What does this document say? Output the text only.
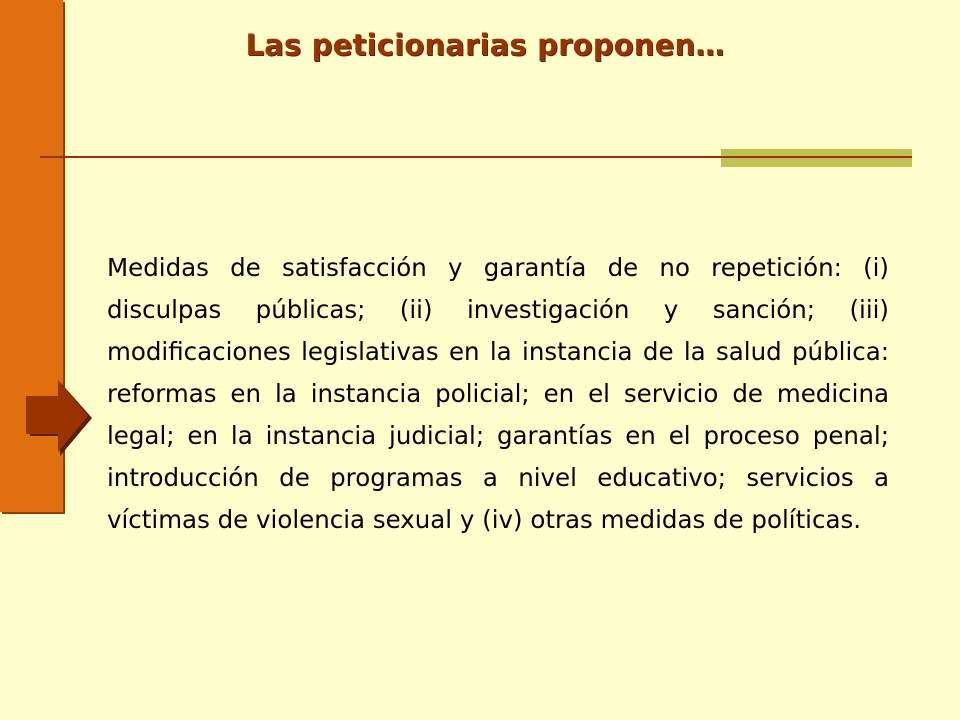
Las peticionarias proponen…

Medidas de satisfacción y garantía de no repetición: (i) disculpas públicas; (ii) investigación y sanción; (iii) modificaciones legislativas en la instancia de la salud pública: reformas en la instancia policial; en el servicio de medicina legal; en la instancia judicial; garantías en el proceso penal; introducción de programas a nivel educativo; servicios a víctimas de violencia sexual y (iv) otras medidas de políticas.
